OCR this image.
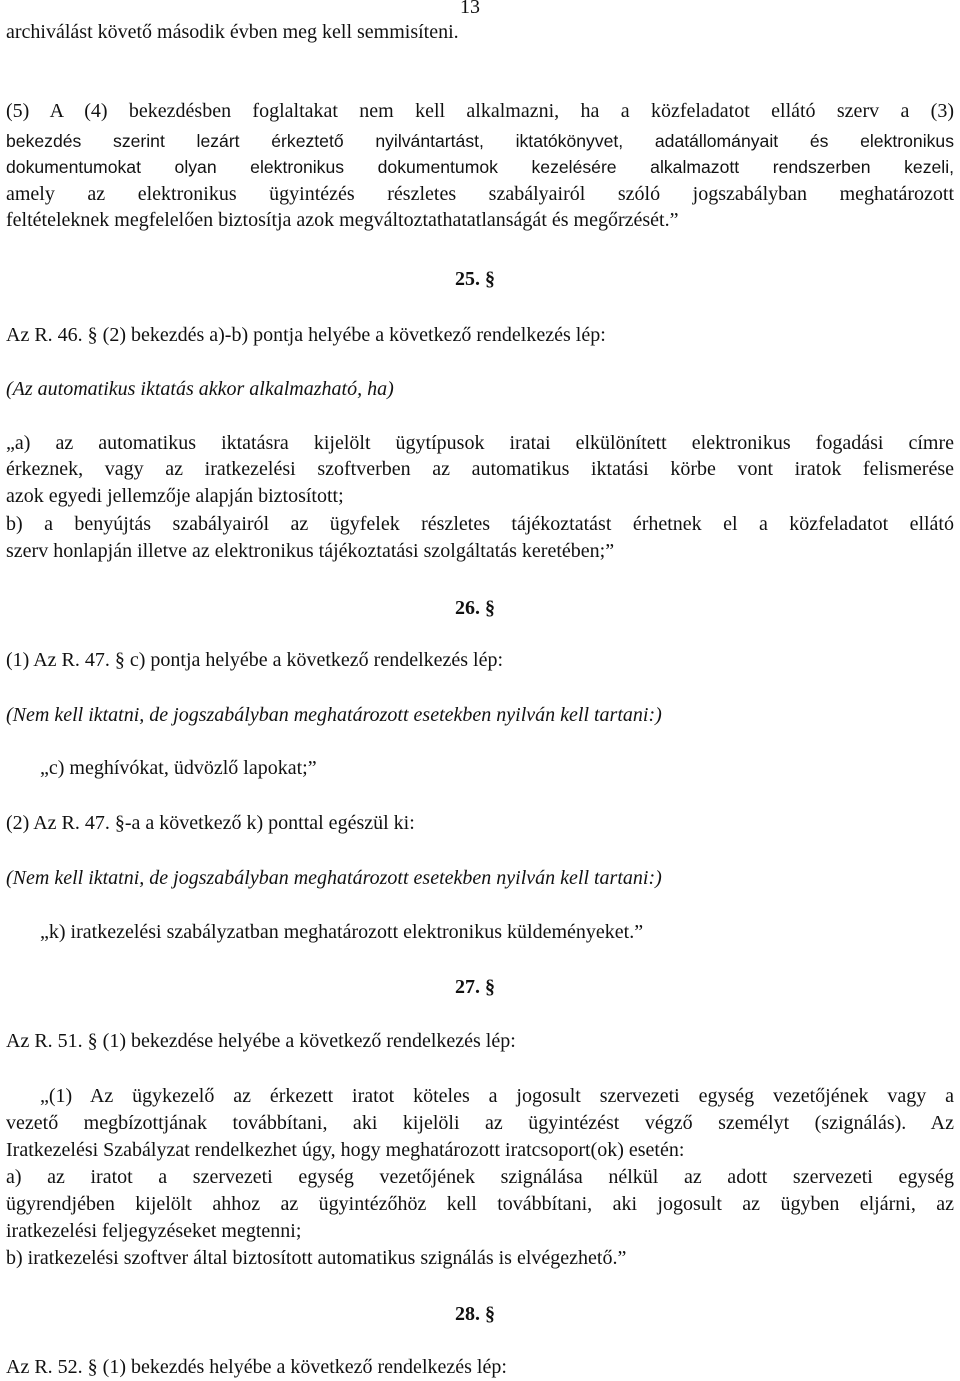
13
archiválást követő második évben meg kell semmisíteni.
(5) A (4) bekezdésben foglaltakat nem kell alkalmazni, ha a közfeladatot ellátó szerv a (3)
bekezdés szerint lezárt érkeztető nyilvántartást, iktatókönyvet, adatállományait és elektronikus
dokumentumokat olyan elektronikus dokumentumok kezelésére alkalmazott rendszerben kezeli,
amely az elektronikus ügyintézés részletes szabályairól szóló jogszabályban meghatározott
feltételeknek megfelelően biztosítja azok megváltoztathatatlanságát és megőrzését.”
25. §
Az R. 46. § (2) bekezdés a)-b) pontja helyébe a következő rendelkezés lép:
(Az automatikus iktatás akkor alkalmazható, ha)
„a) az automatikus iktatásra kijelölt ügytípusok iratai elkülönített elektronikus fogadási címre
érkeznek, vagy az iratkezelési szoftverben az automatikus iktatási körbe vont iratok felismerése
azok egyedi jellemzője alapján biztosított;
b) a benyújtás szabályairól az ügyfelek részletes tájékoztatást érhetnek el a közfeladatot ellátó
szerv honlapján illetve az elektronikus tájékoztatási szolgáltatás keretében;”
26. §
(1) Az R. 47. § c) pontja helyébe a következő rendelkezés lép:
(Nem kell iktatni, de jogszabályban meghatározott esetekben nyilván kell tartani:)
„c) meghívókat, üdvözlő lapokat;”
(2) Az R. 47. §-a a következő k) ponttal egészül ki:
(Nem kell iktatni, de jogszabályban meghatározott esetekben nyilván kell tartani:)
„k) iratkezelési szabályzatban meghatározott elektronikus küldeményeket.”
27. §
Az R. 51. § (1) bekezdése helyébe a következő rendelkezés lép:
„(1) Az ügykezelő az érkezett iratot köteles a jogosult szervezeti egység vezetőjének vagy a
vezető megbízottjának továbbítani, aki kijelöli az ügyintézést végző személyt (szignálás). Az
Iratkezelési Szabályzat rendelkezhet úgy, hogy meghatározott iratcsoport(ok) esetén:
a) az iratot a szervezeti egység vezetőjének szignálása nélkül az adott szervezeti egység
ügyrendjében kijelölt ahhoz az ügyintézőhöz kell továbbítani, aki jogosult az ügyben eljárni, az
iratkezelési feljegyzéseket megtenni;
b) iratkezelési szoftver által biztosított automatikus szignálás is elvégezhető.”
28. §
Az R. 52. § (1) bekezdés helyébe a következő rendelkezés lép:
